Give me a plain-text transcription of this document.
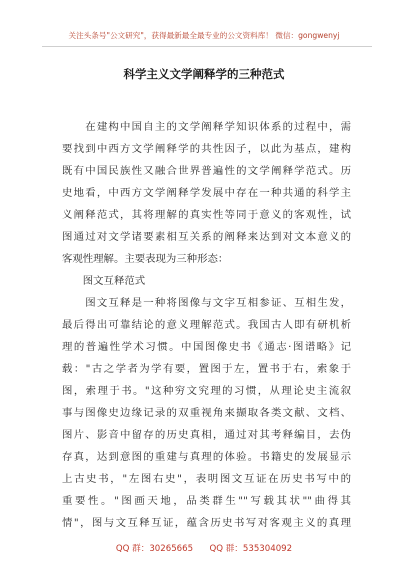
关注头条号"公文研究"，获得最新最全最专业的公文资料库！ 微信：gongwenyj
科学主义文学阐释学的三种范式
　　在建构中国自主的文学阐释学知识体系的过程中，需
要找到中西方文学阐释学的共性因子，以此为基点，建构
既有中国民族性又融合世界普遍性的文学阐释学范式。历
史地看，中西方文学阐释学发展中存在一种共通的科学主
义阐释范式，其将理解的真实性等同于意义的客观性，试
图通过对文学诸要素相互关系的阐释来达到对文本意义的
客观性理解。主要表现为三种形态：
　　图文互释范式
　　图文互释是一种将图像与文字互相参证、互相生发，
最后得出可靠结论的意义理解范式。我国古人即有研机析
理的普遍性学术习惯。中国图像史书《通志·图谱略》记
载："古之学者为学有要，置图于左，置书于右，索象于
图，索理于书。"这种穷文究理的习惯，从理论史主流叙
事与图像史边缘记录的双重视角来撷取各类文献、文档、
图片、影音中留存的历史真相，通过对其考释编目，去伪
存真，达到意图的重建与真理的体验。书籍史的发展显示
上古史书，"左图右史"，表明图文互证在历史书写中的
重要性。"图画天地，品类群生""写载其状""曲得其
情"，图与文互释互证，蕴含历史书写对客观主义的真理
QQ 群：30265665      QQ 群：535304092
